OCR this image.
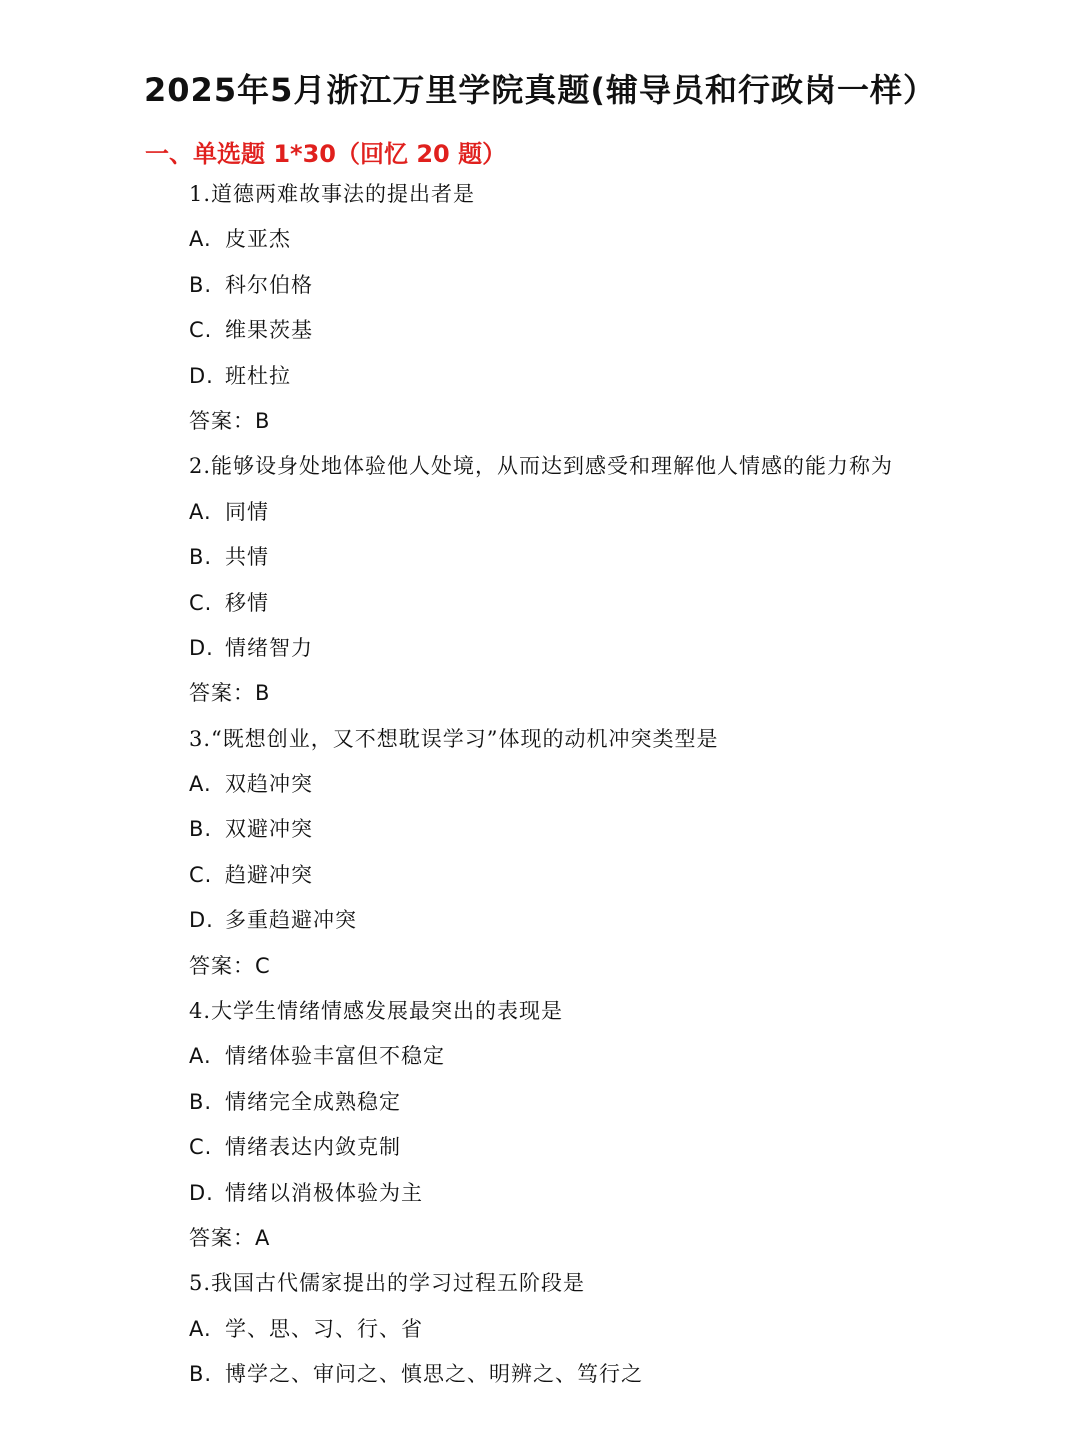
2025年5月浙江万里学院真题(辅导员和行政岗一样）
一、单选题 1*30（回忆 20 题）
1.道德两难故事法的提出者是
A. 皮亚杰
B. 科尔伯格
C. 维果茨基
D. 班杜拉
答案：B
2.能够设身处地体验他人处境，从而达到感受和理解他人情感的能力称为
A. 同情
B. 共情
C. 移情
D. 情绪智力
答案：B
3.“既想创业，又不想耽误学习”体现的动机冲突类型是
A. 双趋冲突
B. 双避冲突
C. 趋避冲突
D. 多重趋避冲突
答案：C
4.大学生情绪情感发展最突出的表现是
A. 情绪体验丰富但不稳定
B. 情绪完全成熟稳定
C. 情绪表达内敛克制
D. 情绪以消极体验为主
答案：A
5.我国古代儒家提出的学习过程五阶段是
A. 学、思、习、行、省
B. 博学之、审问之、慎思之、明辨之、笃行之
